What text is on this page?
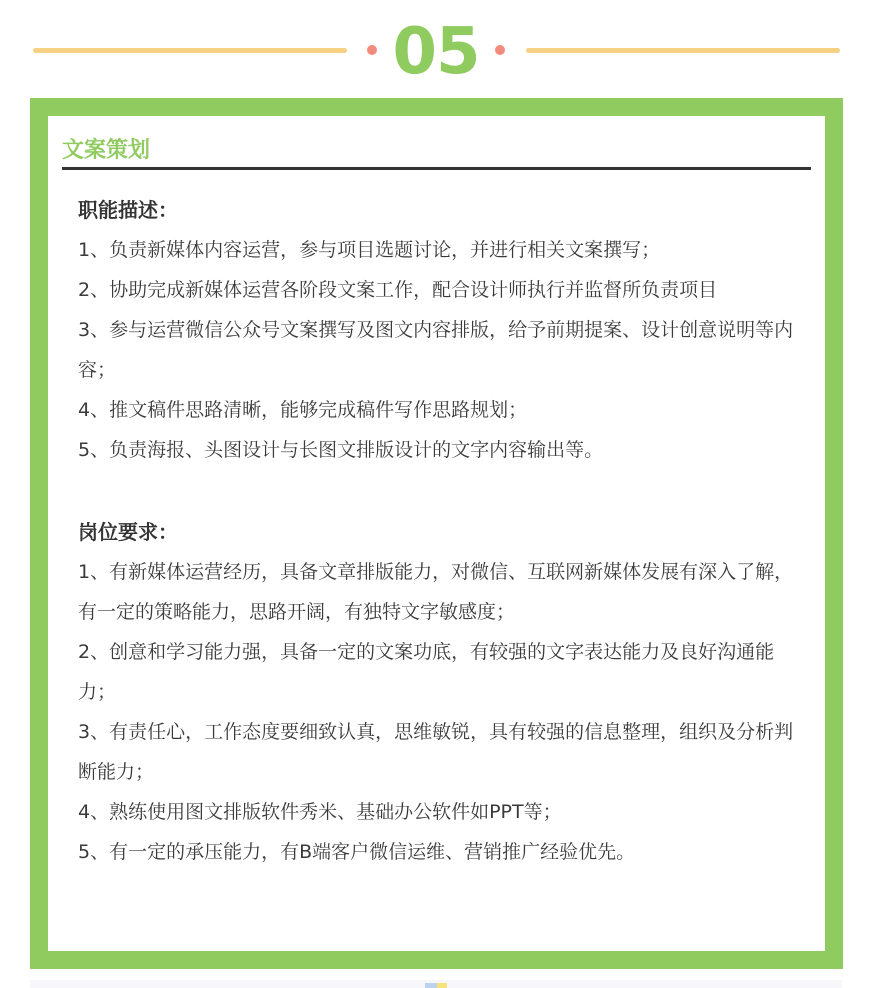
05
文案策划
职能描述：

1、负责新媒体内容运营，参与项目选题讨论，并进行相关文案撰写；

2、协助完成新媒体运营各阶段文案工作，配合设计师执行并监督所负责项目

3、参与运营微信公众号文案撰写及图文内容排版，给予前期提案、设计创意说明等内容；

4、推文稿件思路清晰，能够完成稿件写作思路规划；

5、负责海报、头图设计与长图文排版设计的文字内容输出等。

岗位要求：

1、有新媒体运营经历，具备文章排版能力，对微信、互联网新媒体发展有深入了解，有一定的策略能力，思路开阔，有独特文字敏感度；

2、创意和学习能力强，具备一定的文案功底，有较强的文字表达能力及良好沟通能力；

3、有责任心，工作态度要细致认真，思维敏锐，具有较强的信息整理，组织及分析判断能力；

4、熟练使用图文排版软件秀米、基础办公软件如PPT等；

5、有一定的承压能力，有B端客户微信运维、营销推广经验优先。
